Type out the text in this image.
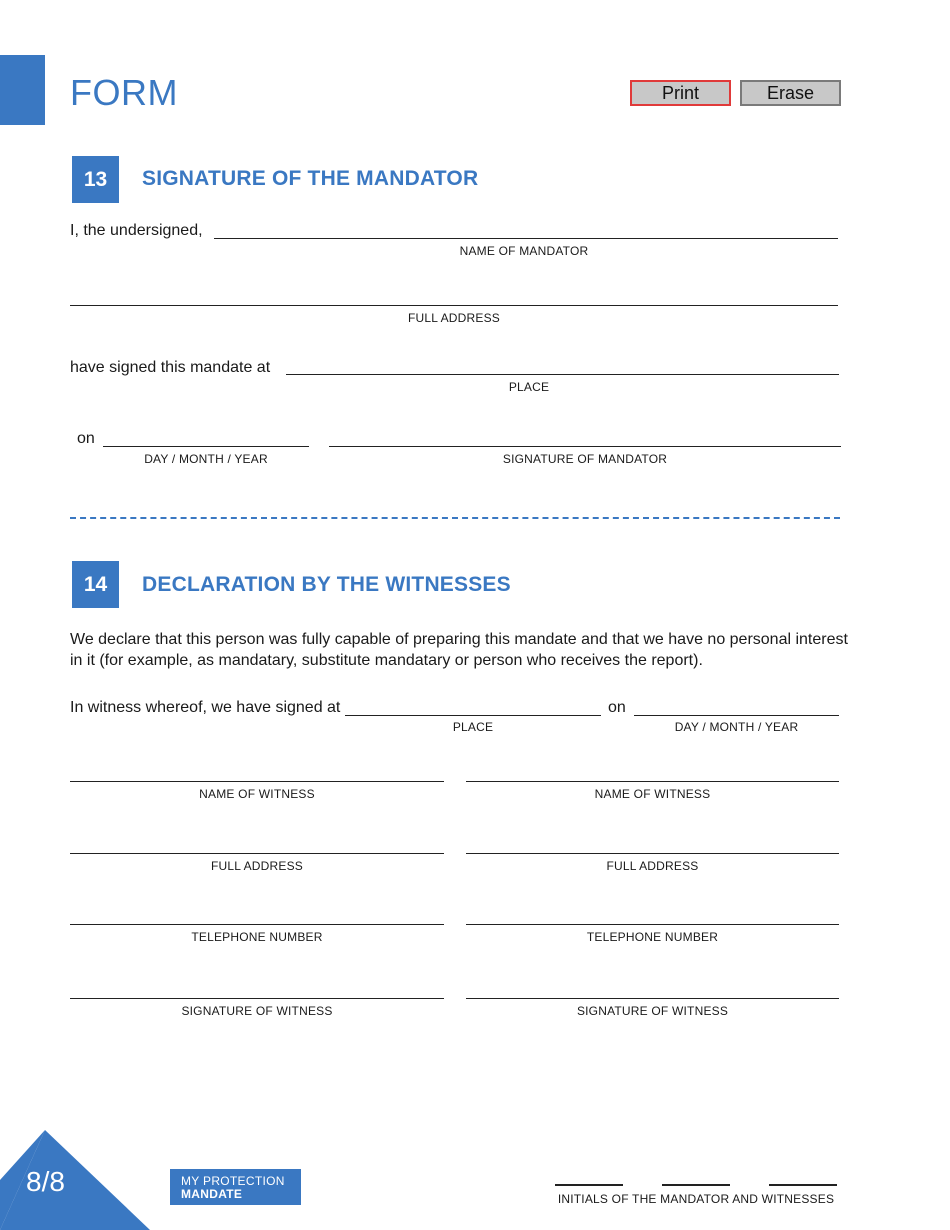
FORM	Print	Erase
13	SIGNATURE OF THE MANDATOR
I, the undersigned,
NAME OF MANDATOR
FULL ADDRESS
have signed this mandate at
PLACE
on
DAY / MONTH / YEAR	SIGNATURE OF MANDATOR
14	DECLARATION BY THE WITNESSES
We declare that this person was fully capable of preparing this mandate and that we have no personal interest in it (for example, as mandatary, substitute mandatary or person who receives the report).
In witness whereof, we have signed at
PLACE
on
DAY / MONTH / YEAR
NAME OF WITNESS
FULL ADDRESS
TELEPHONE NUMBER
SIGNATURE OF WITNESS
NAME OF WITNESS
FULL ADDRESS
TELEPHONE NUMBER
SIGNATURE OF WITNESS
8/8	MY PROTECTION
MANDATE	INITIALS OF THE MANDATOR AND WITNESSES
